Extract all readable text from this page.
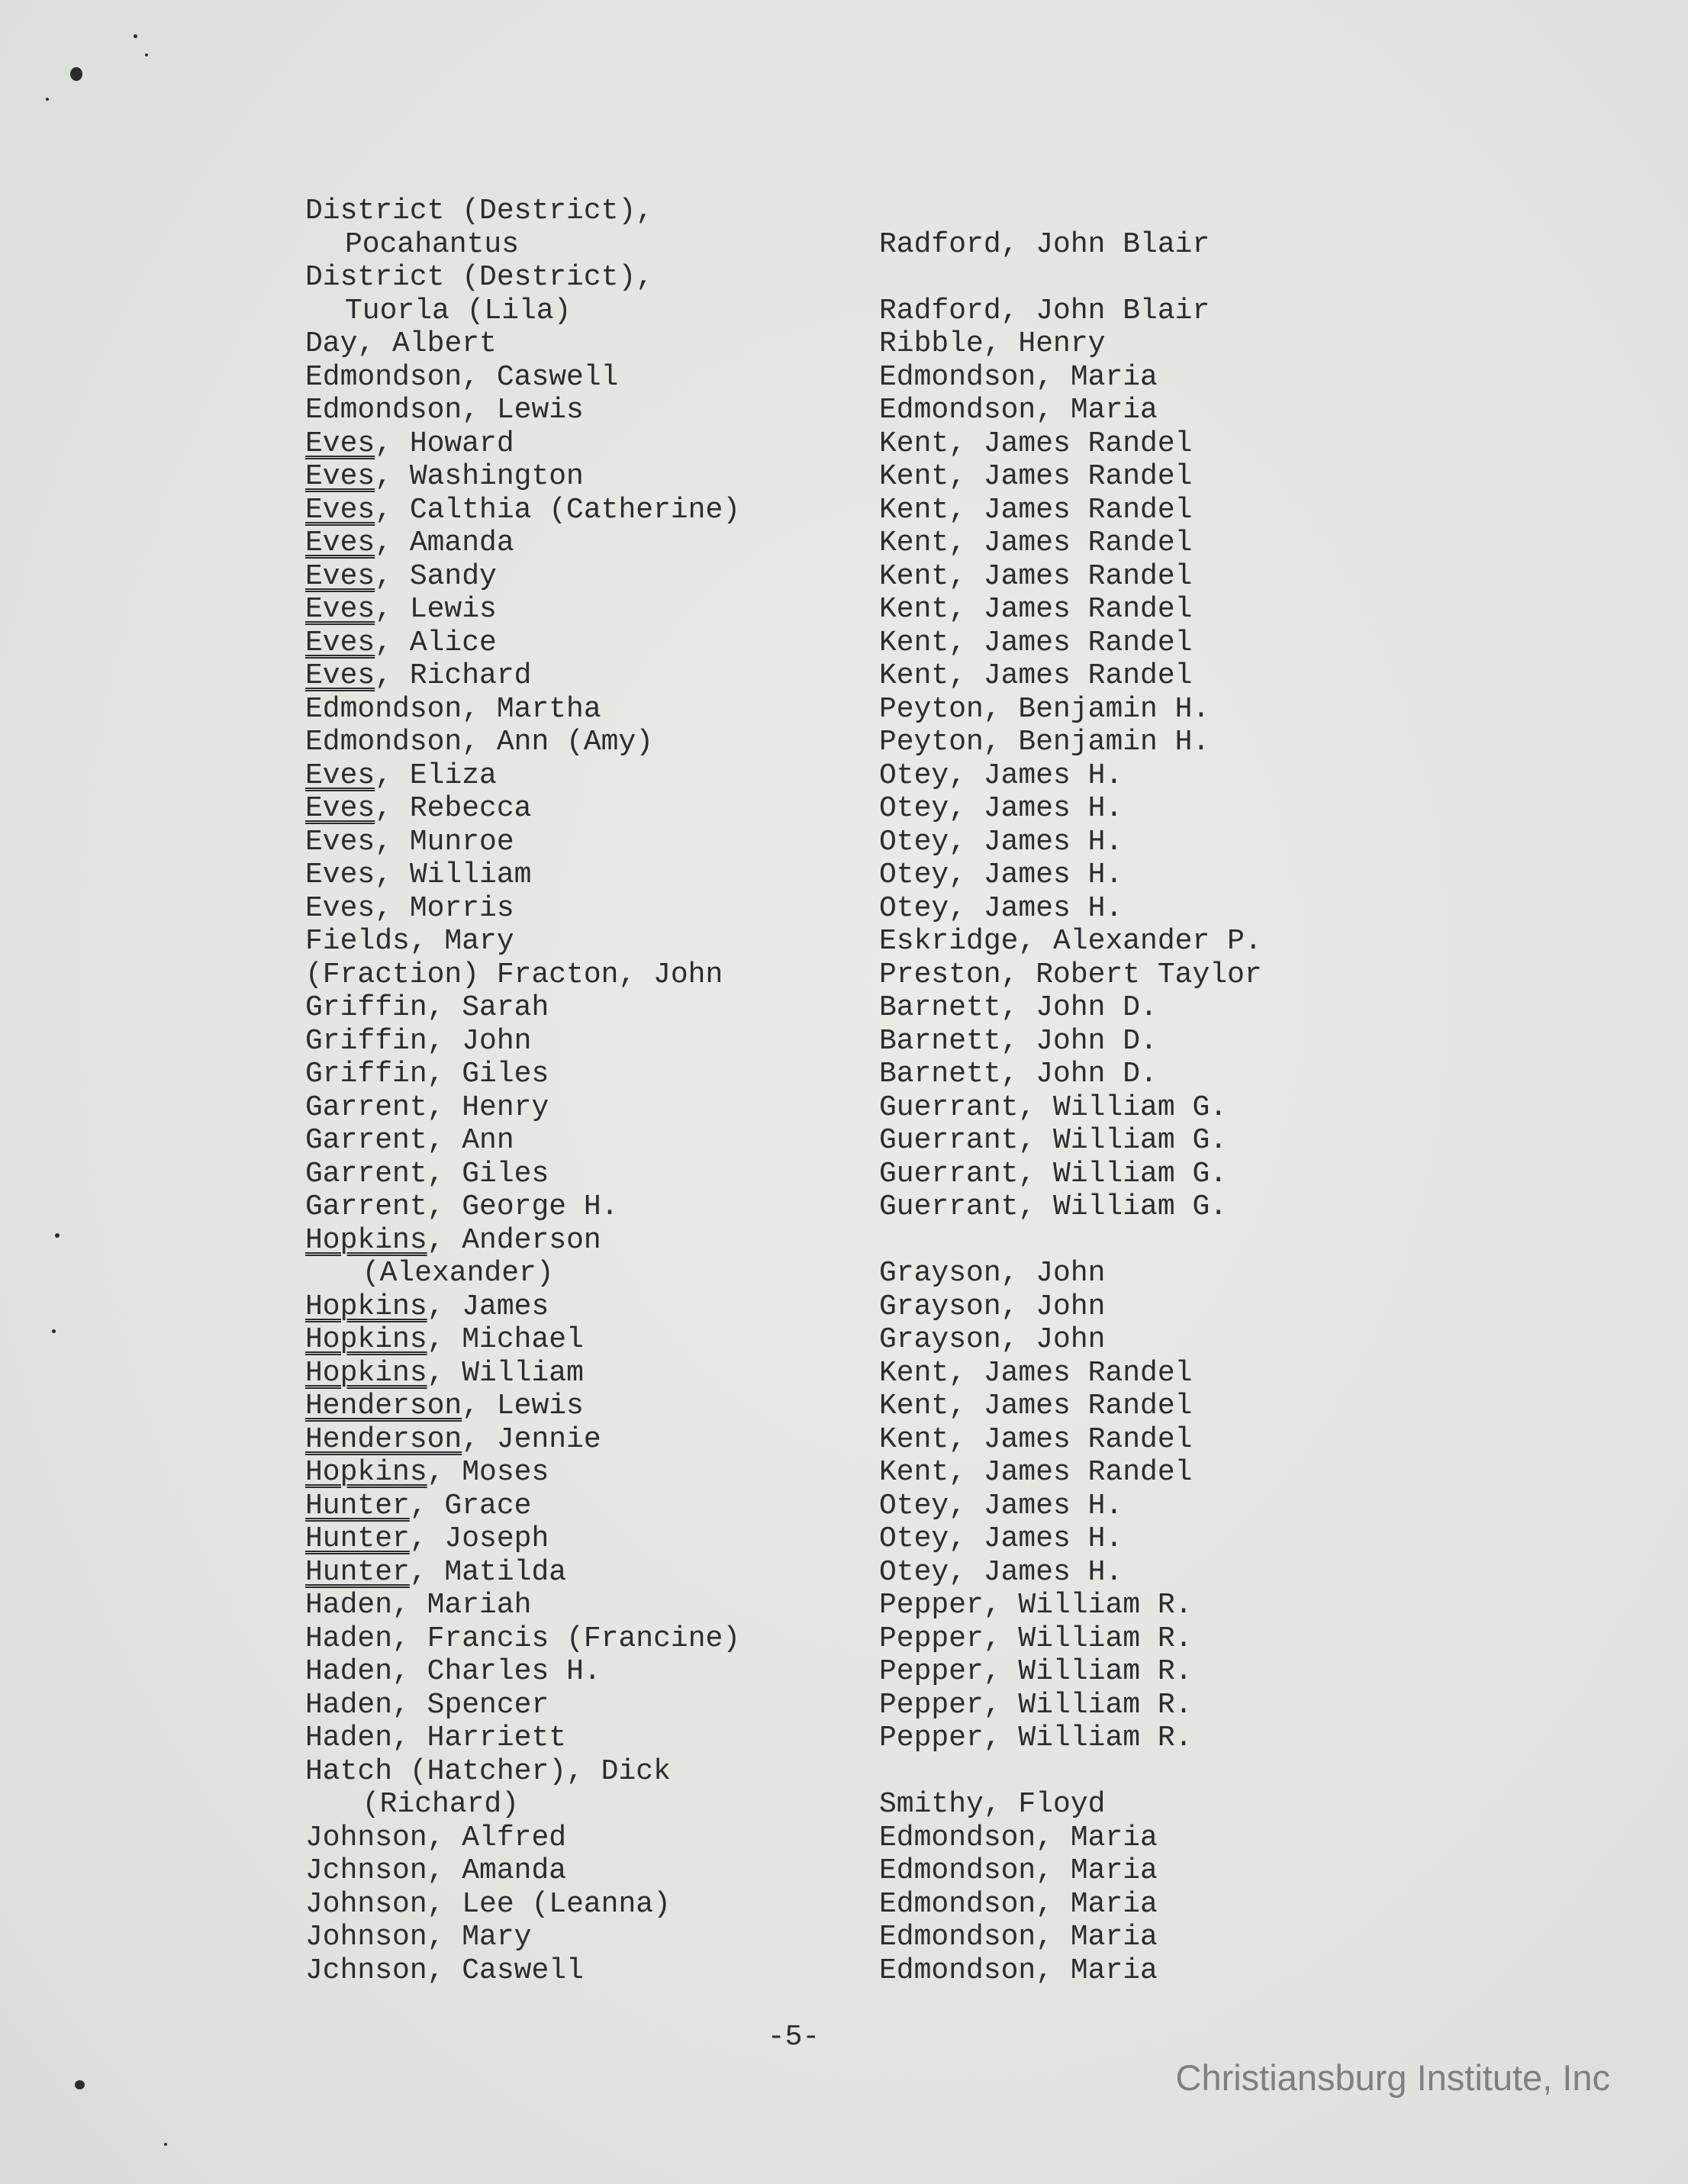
District (Destrict),
Pocahantus	Radford, John Blair
District (Destrict),
Tuorla (Lila)	Radford, John Blair
Day, Albert	Ribble, Henry
Edmondson, Caswell	Edmondson, Maria
Edmondson, Lewis	Edmondson, Maria
Eves, Howard	Kent, James Randel
Eves, Washington	Kent, James Randel
Eves, Calthia (Catherine)	Kent, James Randel
Eves, Amanda	Kent, James Randel
Eves, Sandy	Kent, James Randel
Eves, Lewis	Kent, James Randel
Eves, Alice	Kent, James Randel
Eves, Richard	Kent, James Randel
Edmondson, Martha	Peyton, Benjamin H.
Edmondson, Ann (Amy)	Peyton, Benjamin H.
Eves, Eliza	Otey, James H.
Eves, Rebecca	Otey, James H.
Eves, Munroe	Otey, James H.
Eves, William	Otey, James H.
Eves, Morris	Otey, James H.
Fields, Mary	Eskridge, Alexander P.
(Fraction) Fracton, John	Preston, Robert Taylor
Griffin, Sarah	Barnett, John D.
Griffin, John	Barnett, John D.
Griffin, Giles	Barnett, John D.
Garrent, Henry	Guerrant, William G.
Garrent, Ann	Guerrant, William G.
Garrent, Giles	Guerrant, William G.
Garrent, George H.	Guerrant, William G.
Hopkins, Anderson
(Alexander)	Grayson, John
Hopkins, James	Grayson, John
Hopkins, Michael	Grayson, John
Hopkins, William	Kent, James Randel
Henderson, Lewis	Kent, James Randel
Henderson, Jennie	Kent, James Randel
Hopkins, Moses	Kent, James Randel
Hunter, Grace	Otey, James H.
Hunter, Joseph	Otey, James H.
Hunter, Matilda	Otey, James H.
Haden, Mariah	Pepper, William R.
Haden, Francis (Francine)	Pepper, William R.
Haden, Charles H.	Pepper, William R.
Haden, Spencer	Pepper, William R.
Haden, Harriett	Pepper, William R.
Hatch (Hatcher), Dick
(Richard)	Smithy, Floyd
Johnson, Alfred	Edmondson, Maria
Jchnson, Amanda	Edmondson, Maria
Johnson, Lee (Leanna)	Edmondson, Maria
Johnson, Mary	Edmondson, Maria
Jchnson, Caswell	Edmondson, Maria
-5-
Christiansburg Institute, Inc
